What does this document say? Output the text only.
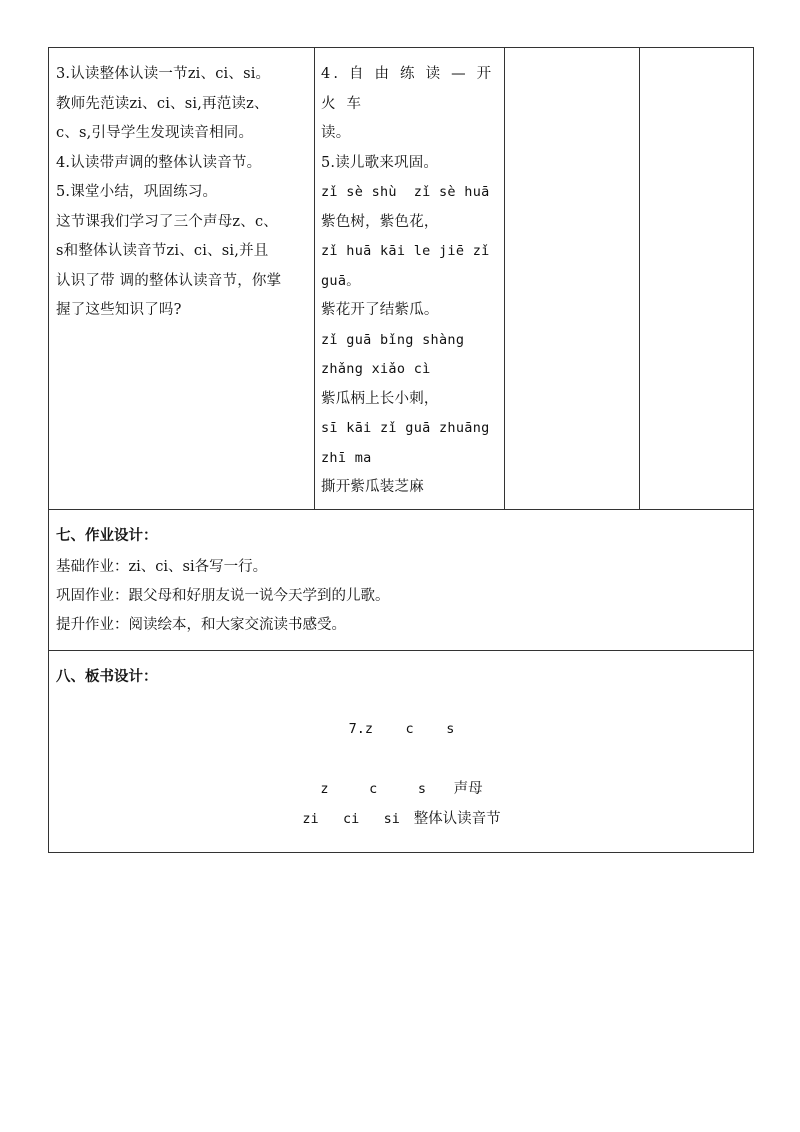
3.认读整体认读一节zi、ci、si。
教师先范读zi、ci、si,再范读z、
c、s,引导学生发现读音相同。
4.认读带声调的整体认读音节。
5.课堂小结，巩固练习。
这节课我们学习了三个声母z、c、
s和整体认读音节zi、ci、si,并且
认识了带 调的整体认读音节，你掌
握了这些知识了吗?

4. 自 由 练 读 — 开 火 车
读。
5.读儿歌来巩固。
zǐ sè shù  zǐ sè huā
紫色树，紫色花，
zǐ huā kāi le jiē zǐ
guā。
紫花开了结紫瓜。
zǐ guā bǐng shàng
zhǎng xiǎo cì
紫瓜柄上长小刺，
sī kāi zǐ guā zhuāng
zhī ma
撕开紫瓜装芝麻

七、作业设计：
基础作业：zi、ci、si各写一行。
巩固作业：跟父母和好朋友说一说今天学到的儿歌。
提升作业：阅读绘本，和大家交流读书感受。

八、板书设计：
7.z    c    s
z     c     s 声母
zi   ci   si 整体认读音节
